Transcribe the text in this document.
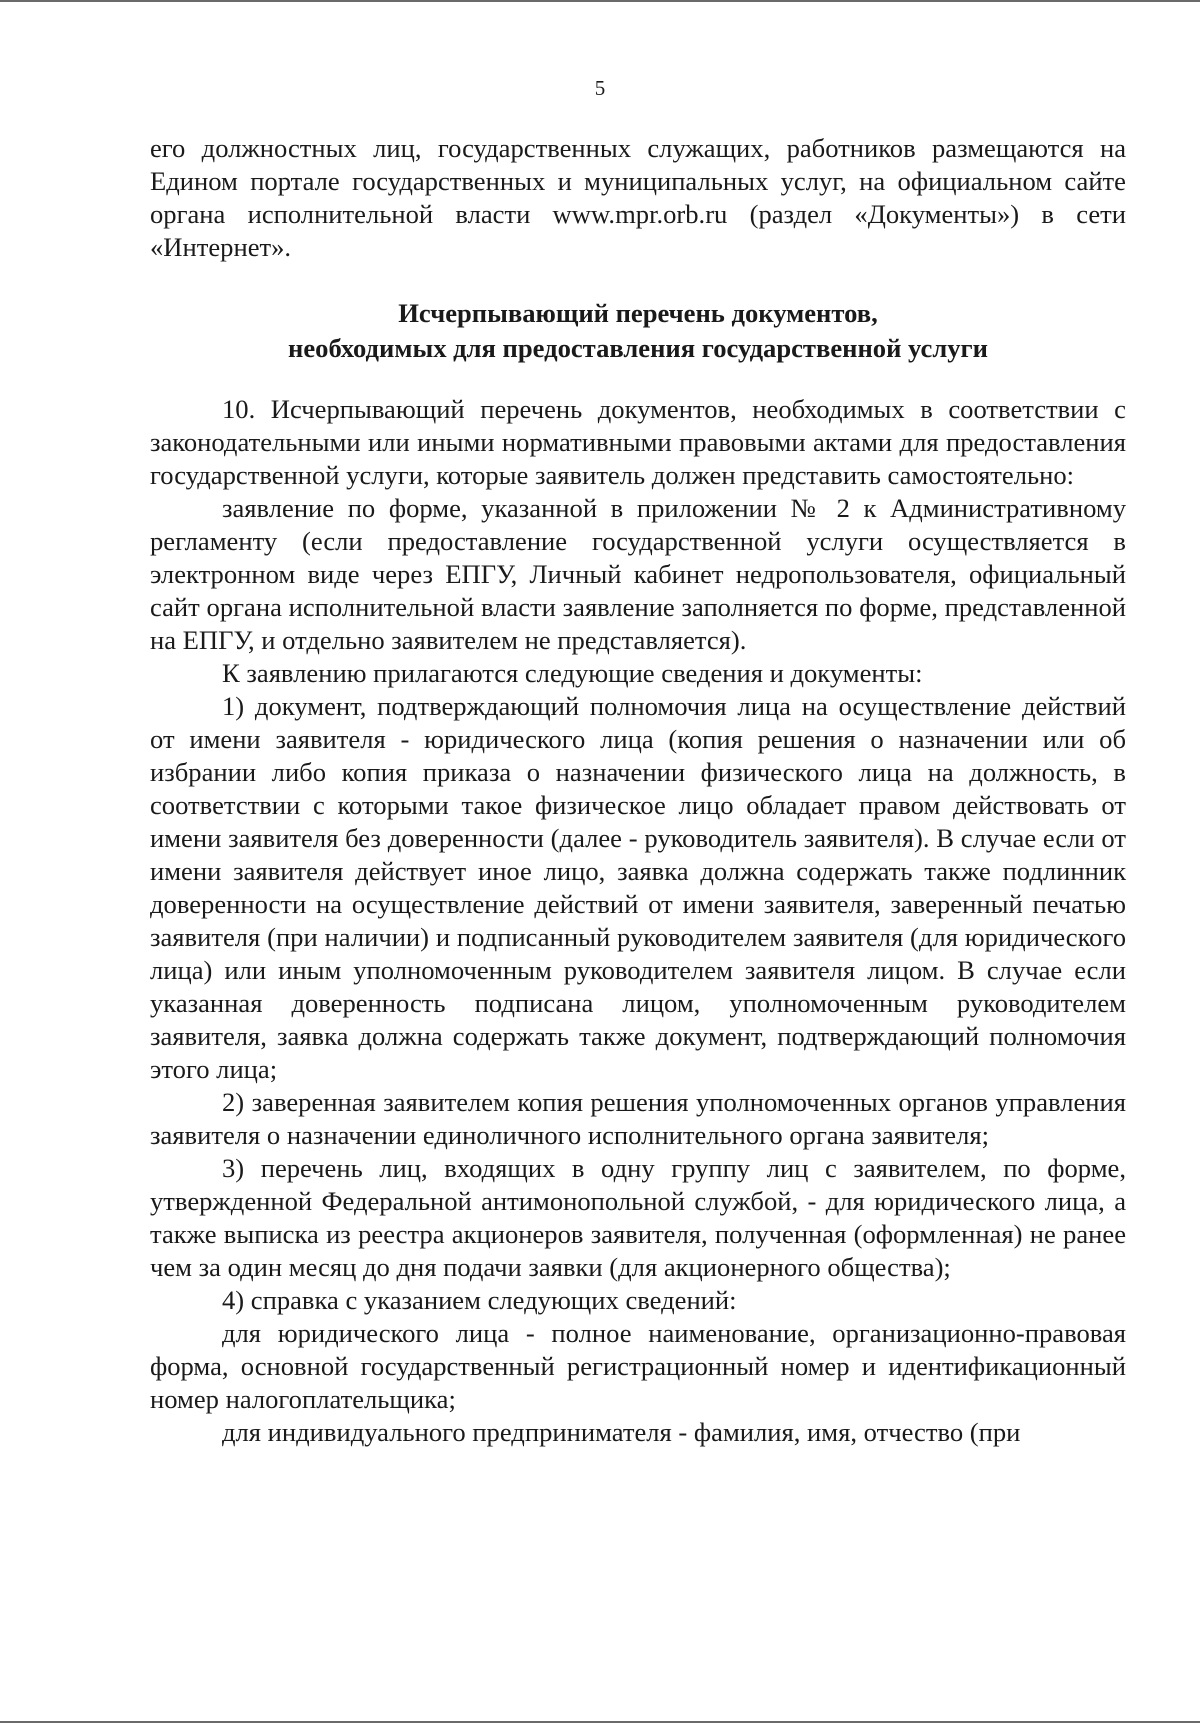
5

его должностных лиц, государственных служащих, работников размещаются на Едином портале государственных и муниципальных услуг, на официальном сайте органа исполнительной власти www.mpr.orb.ru (раздел «Документы») в сети «Интернет».

Исчерпывающий перечень документов,
необходимых для предоставления государственной услуги

10. Исчерпывающий перечень документов, необходимых в соответствии с законодательными или иными нормативными правовыми актами для предоставления государственной услуги, которые заявитель должен представить самостоятельно:

заявление по форме, указанной в приложении № 2 к Административному регламенту (если предоставление государственной услуги осуществляется в электронном виде через ЕПГУ, Личный кабинет недропользователя, официальный сайт органа исполнительной власти заявление заполняется по форме, представленной на ЕПГУ, и отдельно заявителем не представляется).

К заявлению прилагаются следующие сведения и документы:

1) документ, подтверждающий полномочия лица на осуществление действий от имени заявителя - юридического лица (копия решения о назначении или об избрании либо копия приказа о назначении физического лица на должность, в соответствии с которыми такое физическое лицо обладает правом действовать от имени заявителя без доверенности (далее - руководитель заявителя). В случае если от имени заявителя действует иное лицо, заявка должна содержать также подлинник доверенности на осуществление действий от имени заявителя, заверенный печатью заявителя (при наличии) и подписанный руководителем заявителя (для юридического лица) или иным уполномоченным руководителем заявителя лицом. В случае если указанная доверенность подписана лицом, уполномоченным руководителем заявителя, заявка должна содержать также документ, подтверждающий полномочия этого лица;

2) заверенная заявителем копия решения уполномоченных органов управления заявителя о назначении единоличного исполнительного органа заявителя;

3) перечень лиц, входящих в одну группу лиц с заявителем, по форме, утвержденной Федеральной антимонопольной службой, - для юридического лица, а также выписка из реестра акционеров заявителя, полученная (оформленная) не ранее чем за один месяц до дня подачи заявки (для акционерного общества);

4) справка с указанием следующих сведений:

для юридического лица - полное наименование, организационно-правовая форма, основной государственный регистрационный номер и идентификационный номер налогоплательщика;

для индивидуального предпринимателя - фамилия, имя, отчество (при
